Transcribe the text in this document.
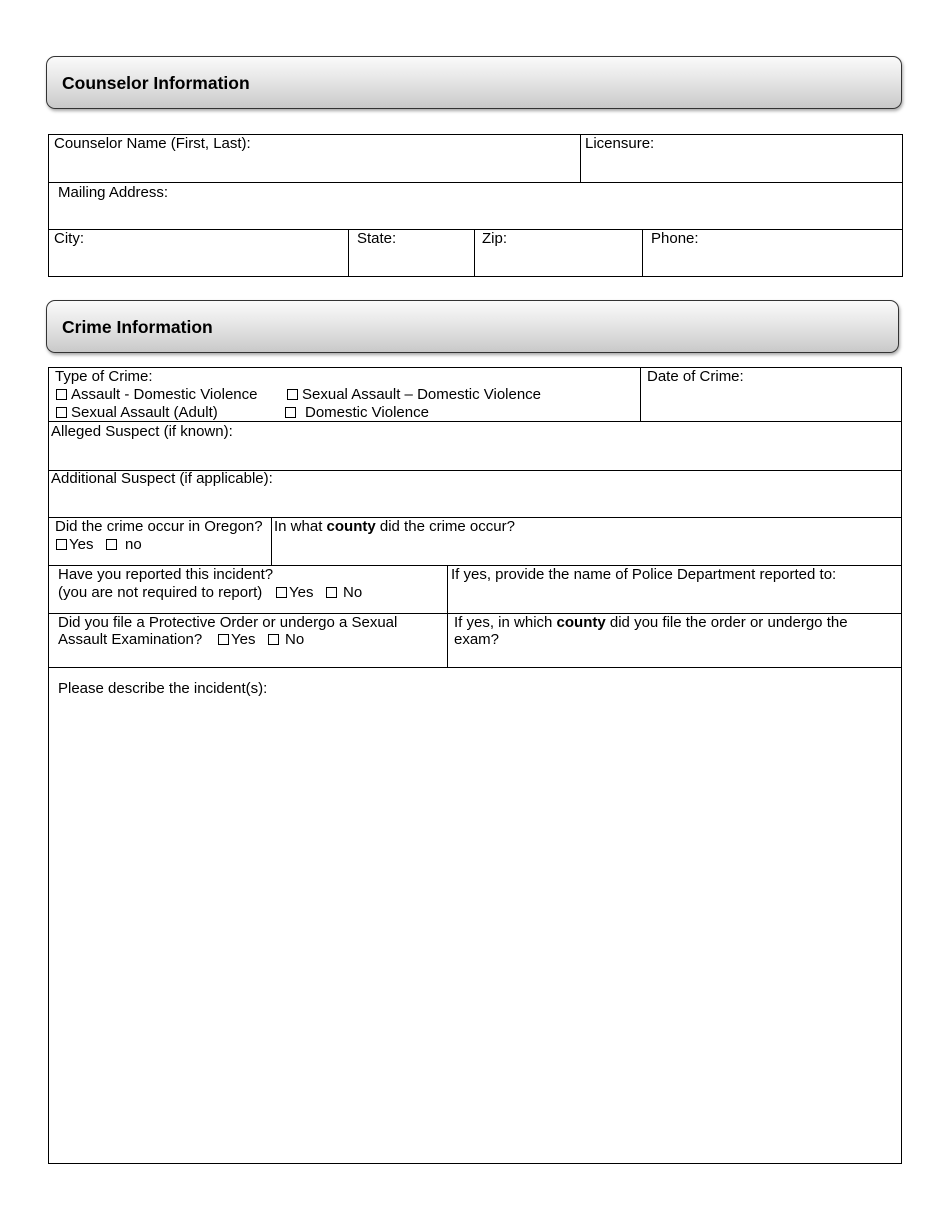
Counselor Information
Counselor Name (First, Last):	Licensure:
Mailing Address:
City:	State:	Zip:	Phone:
Crime Information
Type of Crime:
Assault - Domestic Violence	Sexual Assault – Domestic Violence
Sexual Assault (Adult)	Domestic Violence
Date of Crime:
Alleged Suspect (if known):
Additional Suspect (if applicable):
Did the crime occur in Oregon?
Yes	no
In what county did the crime occur?
Have you reported this incident?
(you are not required to report)	Yes	No
If yes, provide the name of Police Department reported to:
Did you file a Protective Order or undergo a Sexual
Assault Examination?	Yes	No
If yes, in which county did you file the order or undergo the
exam?
Please describe the incident(s):
